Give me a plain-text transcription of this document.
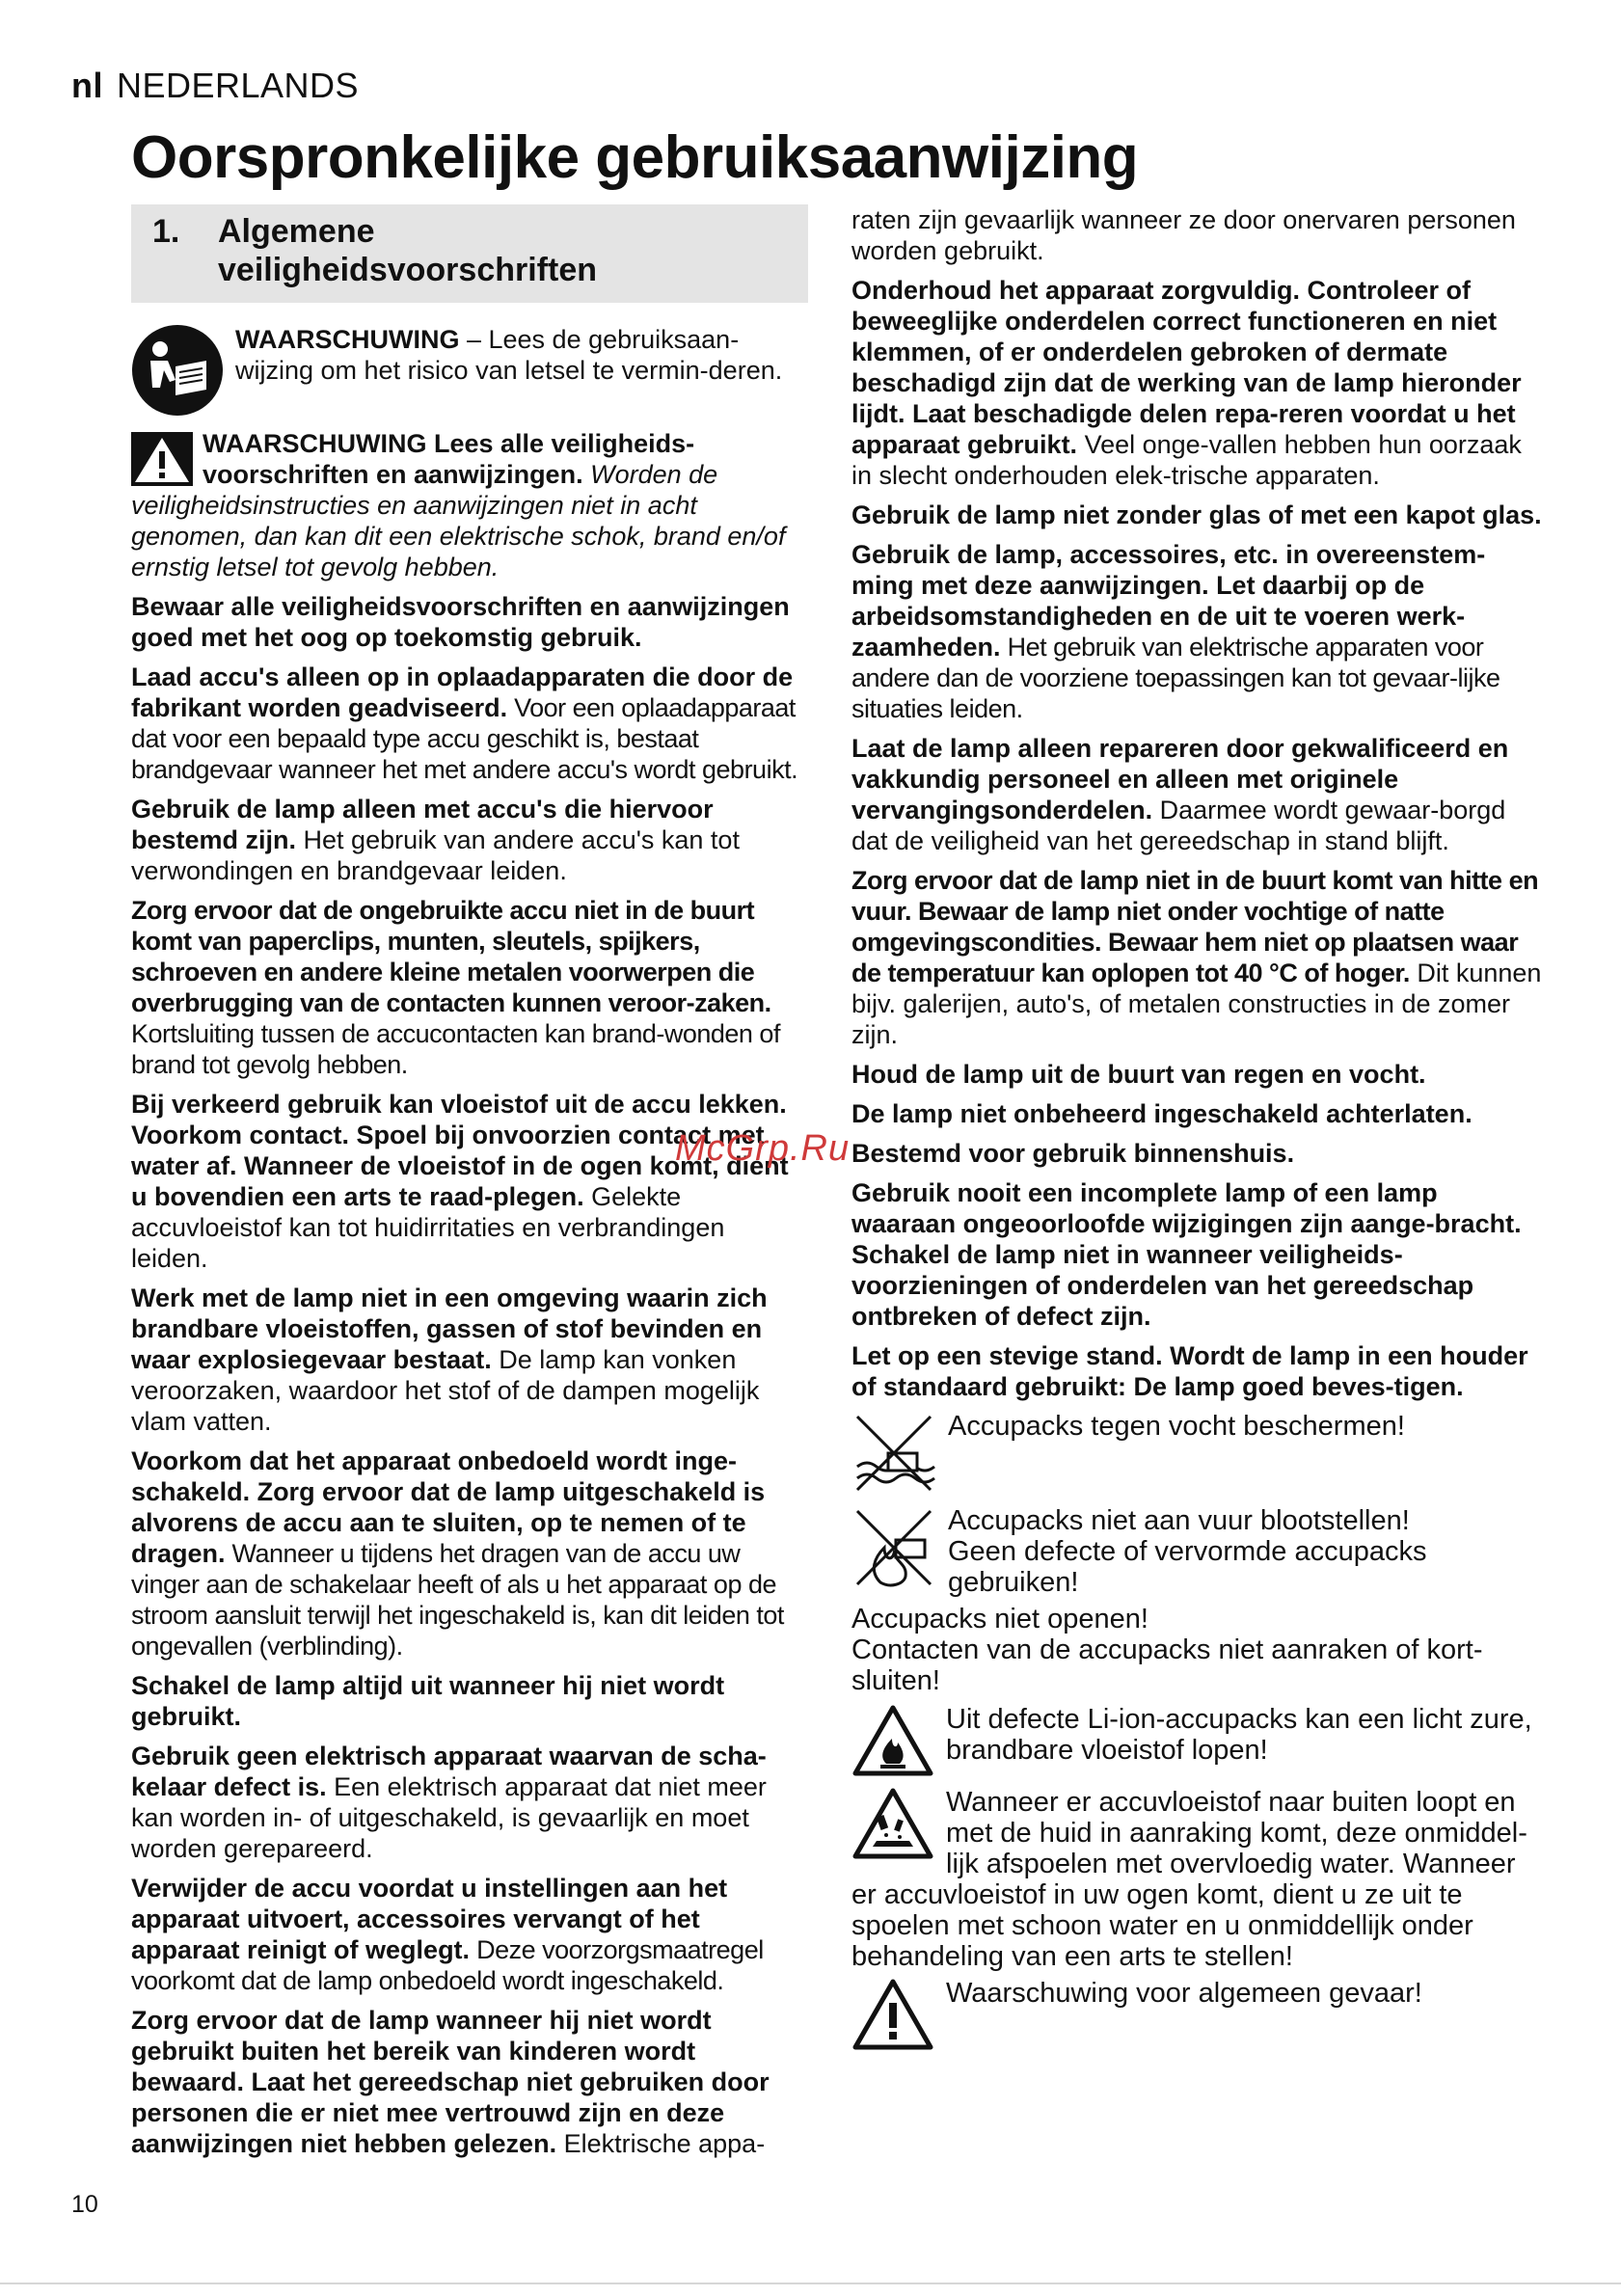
nl NEDERLANDS
Oorspronkelijke gebruiksaanwijzing
1.	Algemene
veiligheidsvoorschriften
WAARSCHUWING – Lees de gebruiksaan-wijzing om het risico van letsel te vermin-deren.

WAARSCHUWING Lees alle veiligheids-voorschriften en aanwijzingen. Worden de veiligheidsinstructies en aanwijzingen niet in acht genomen, dan kan dit een elektrische schok, brand en/of ernstig letsel tot gevolg hebben.

Bewaar alle veiligheidsvoorschriften en aanwijzingen goed met het oog op toekomstig gebruik.

Laad accu's alleen op in oplaadapparaten die door de fabrikant worden geadviseerd. Voor een oplaadapparaat dat voor een bepaald type accu geschikt is, bestaat brandgevaar wanneer het met andere accu's wordt gebruikt.

Gebruik de lamp alleen met accu's die hiervoor bestemd zijn. Het gebruik van andere accu's kan tot verwondingen en brandgevaar leiden.

Zorg ervoor dat de ongebruikte accu niet in de buurt komt van paperclips, munten, sleutels, spijkers, schroeven en andere kleine metalen voorwerpen die overbrugging van de contacten kunnen veroor-zaken. Kortsluiting tussen de accucontacten kan brand-wonden of brand tot gevolg hebben.

Bij verkeerd gebruik kan vloeistof uit de accu lekken. Voorkom contact. Spoel bij onvoorzien contact met water af. Wanneer de vloeistof in de ogen komt, dient u bovendien een arts te raad-plegen. Gelekte accuvloeistof kan tot huidirritaties en verbrandingen leiden.

Werk met de lamp niet in een omgeving waarin zich brandbare vloeistoffen, gassen of stof bevinden en waar explosiegevaar bestaat. De lamp kan vonken veroorzaken, waardoor het stof of de dampen mogelijk vlam vatten.

Voorkom dat het apparaat onbedoeld wordt inge-schakeld. Zorg ervoor dat de lamp uitgeschakeld is alvorens de accu aan te sluiten, op te nemen of te dragen. Wanneer u tijdens het dragen van de accu uw vinger aan de schakelaar heeft of als u het apparaat op de stroom aansluit terwijl het ingeschakeld is, kan dit leiden tot ongevallen (verblinding).

Schakel de lamp altijd uit wanneer hij niet wordt gebruikt.

Gebruik geen elektrisch apparaat waarvan de scha-kelaar defect is. Een elektrisch apparaat dat niet meer kan worden in- of uitgeschakeld, is gevaarlijk en moet worden gerepareerd.

Verwijder de accu voordat u instellingen aan het apparaat uitvoert, accessoires vervangt of het apparaat reinigt of weglegt. Deze voorzorgsmaatregel voorkomt dat de lamp onbedoeld wordt ingeschakeld.

Zorg ervoor dat de lamp wanneer hij niet wordt gebruikt buiten het bereik van kinderen wordt bewaard. Laat het gereedschap niet gebruiken door personen die er niet mee vertrouwd zijn en deze aanwijzingen niet hebben gelezen. Elektrische appa-

raten zijn gevaarlijk wanneer ze door onervaren personen worden gebruikt.

Onderhoud het apparaat zorgvuldig. Controleer of beweeglijke onderdelen correct functioneren en niet klemmen, of er onderdelen gebroken of dermate beschadigd zijn dat de werking van de lamp hieronder lijdt. Laat beschadigde delen repa-reren voordat u het apparaat gebruikt. Veel onge-vallen hebben hun oorzaak in slecht onderhouden elek-trische apparaten.

Gebruik de lamp niet zonder glas of met een kapot glas.

Gebruik de lamp, accessoires, etc. in overeenstem-ming met deze aanwijzingen. Let daarbij op de arbeidsomstandigheden en de uit te voeren werk-zaamheden. Het gebruik van elektrische apparaten voor andere dan de voorziene toepassingen kan tot gevaar-lijke situaties leiden.

Laat de lamp alleen repareren door gekwalificeerd en vakkundig personeel en alleen met originele vervangingsonderdelen. Daarmee wordt gewaar-borgd dat de veiligheid van het gereedschap in stand blijft.

Zorg ervoor dat de lamp niet in de buurt komt van hitte en vuur. Bewaar de lamp niet onder vochtige of natte omgevingscondities. Bewaar hem niet op plaatsen waar de temperatuur kan oplopen tot 40 °C of hoger. Dit kunnen bijv. galerijen, auto's, of metalen constructies in de zomer zijn.

Houd de lamp uit de buurt van regen en vocht.

De lamp niet onbeheerd ingeschakeld achterlaten.

Bestemd voor gebruik binnenshuis.

Gebruik nooit een incomplete lamp of een lamp waaraan ongeoorloofde wijzigingen zijn aange-bracht. Schakel de lamp niet in wanneer veiligheids-voorzieningen of onderdelen van het gereedschap ontbreken of defect zijn.

Let op een stevige stand. Wordt de lamp in een houder of standaard gebruikt: De lamp goed beves-tigen.

Accupacks tegen vocht beschermen!
Accupacks niet aan vuur blootstellen!
Geen defecte of vervormde accupacks gebruiken!
Accupacks niet openen!
Contacten van de accupacks niet aanraken of kort-sluiten!
Uit defecte Li-ion-accupacks kan een licht zure, brandbare vloeistof lopen!
Wanneer er accuvloeistof naar buiten loopt en met de huid in aanraking komt, deze onmiddel-lijk afspoelen met overvloedig water. Wanneer er accuvloeistof in uw ogen komt, dient u ze uit te spoelen met schoon water en u onmiddellijk onder behandeling van een arts te stellen!
Waarschuwing voor algemeen gevaar!
McGrp.Ru
10
